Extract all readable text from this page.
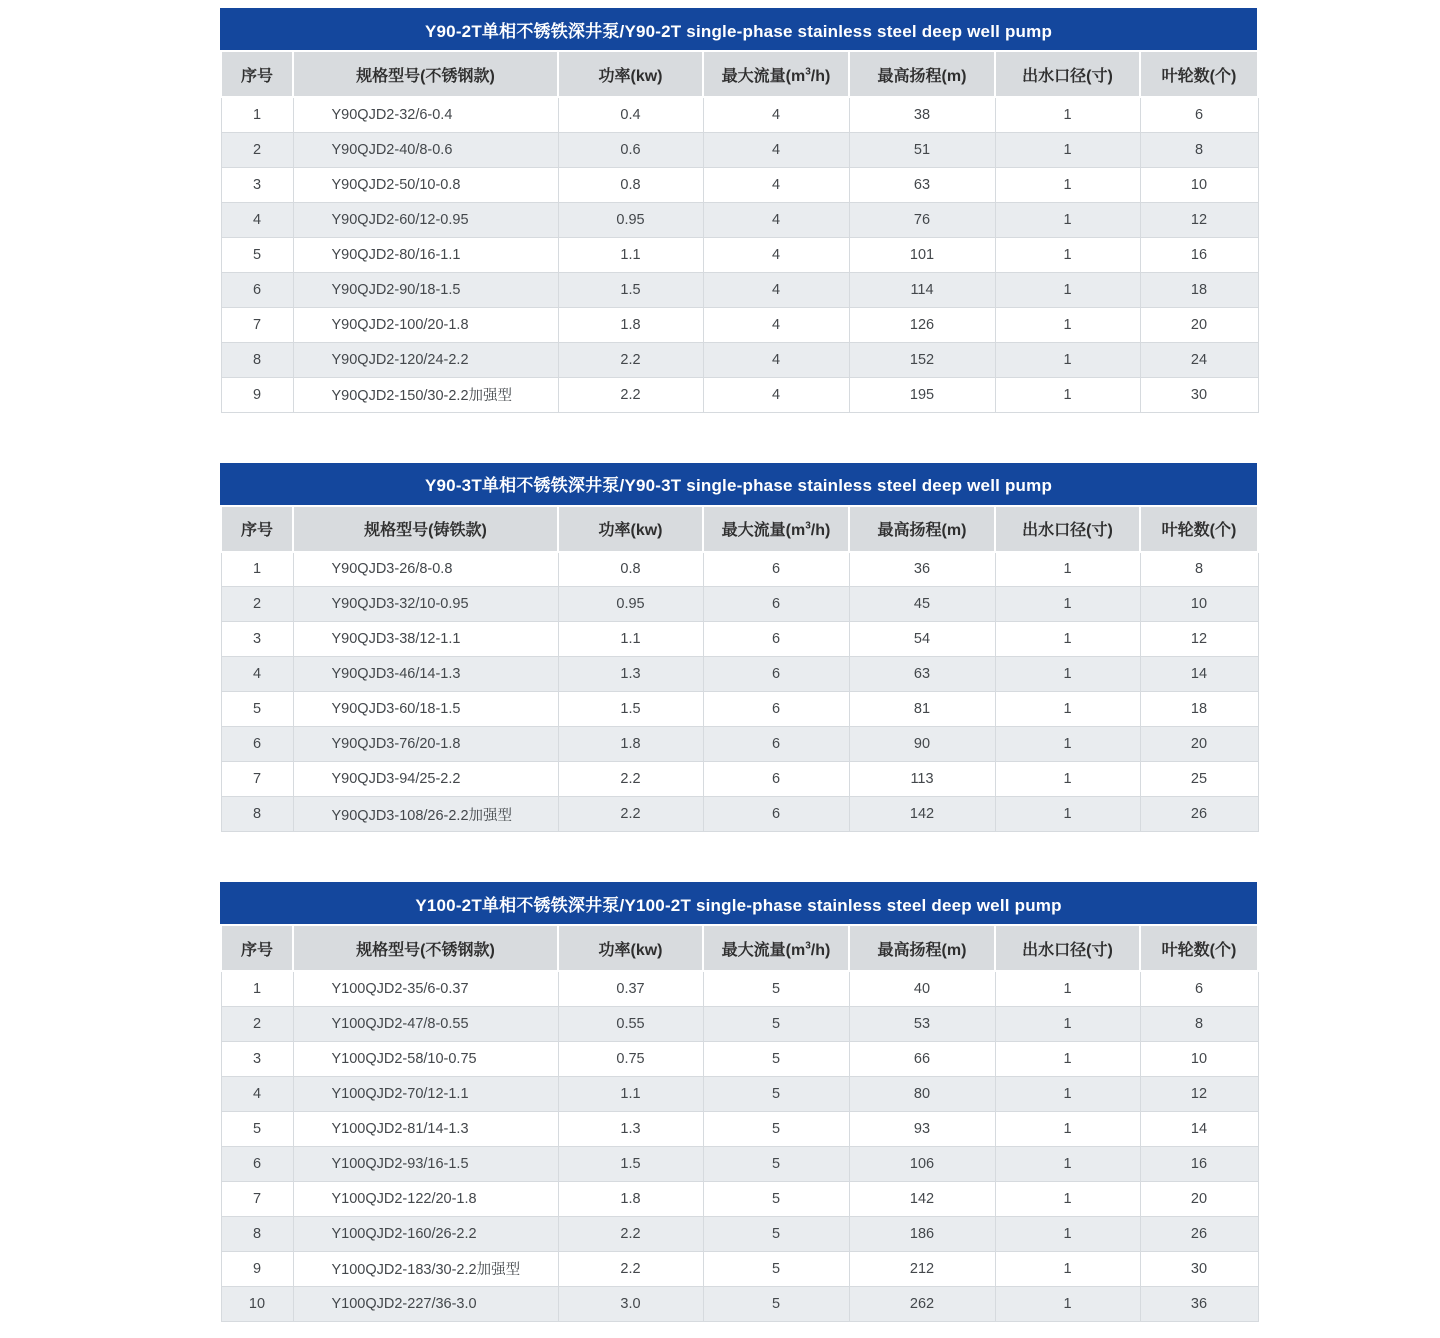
Y90-2T单相不锈铁深井泵/Y90-2T single-phase stainless steel deep well pump
序号	规格型号(不锈钢款)	功率(kw)	最大流量$(m^3/h)$	最高扬程(m)	出水口径(寸)	叶轮数(个)
1	Y90QJD2-32/6-0.4	0.4	4	38	1	6
2	Y90QJD2-40/8-0.6	0.6	4	51	1	8
3	Y90QJD2-50/10-0.8	0.8	4	63	1	10
4	Y90QJD2-60/12-0.95	0.95	4	76	1	12
5	Y90QJD2-80/16-1.1	1.1	4	101	1	16
6	Y90QJD2-90/18-1.5	1.5	4	114	1	18
7	Y90QJD2-100/20-1.8	1.8	4	126	1	20
8	Y90QJD2-120/24-2.2	2.2	4	152	1	24
9	Y90QJD2-150/30-2.2加强型	2.2	4	195	1	30
Y90-3T单相不锈铁深井泵/Y90-3T single-phase stainless steel deep well pump
序号	规格型号(铸铁款)	功率(kw)	最大流量$(m^3/h)$	最高扬程(m)	出水口径(寸)	叶轮数(个)
1	Y90QJD3-26/8-0.8	0.8	6	36	1	8
2	Y90QJD3-32/10-0.95	0.95	6	45	1	10
3	Y90QJD3-38/12-1.1	1.1	6	54	1	12
4	Y90QJD3-46/14-1.3	1.3	6	63	1	14
5	Y90QJD3-60/18-1.5	1.5	6	81	1	18
6	Y90QJD3-76/20-1.8	1.8	6	90	1	20
7	Y90QJD3-94/25-2.2	2.2	6	113	1	25
8	Y90QJD3-108/26-2.2加强型	2.2	6	142	1	26
Y100-2T单相不锈铁深井泵/Y100-2T single-phase stainless steel deep well pump
序号	规格型号(不锈钢款)	功率(kw)	最大流量$(m^3/h)$	最高扬程(m)	出水口径(寸)	叶轮数(个)
1	Y100QJD2-35/6-0.37	0.37	5	40	1	6
2	Y100QJD2-47/8-0.55	0.55	5	53	1	8
3	Y100QJD2-58/10-0.75	0.75	5	66	1	10
4	Y100QJD2-70/12-1.1	1.1	5	80	1	12
5	Y100QJD2-81/14-1.3	1.3	5	93	1	14
6	Y100QJD2-93/16-1.5	1.5	5	106	1	16
7	Y100QJD2-122/20-1.8	1.8	5	142	1	20
8	Y100QJD2-160/26-2.2	2.2	5	186	1	26
9	Y100QJD2-183/30-2.2加强型	2.2	5	212	1	30
10	Y100QJD2-227/36-3.0	3.0	5	262	1	36
